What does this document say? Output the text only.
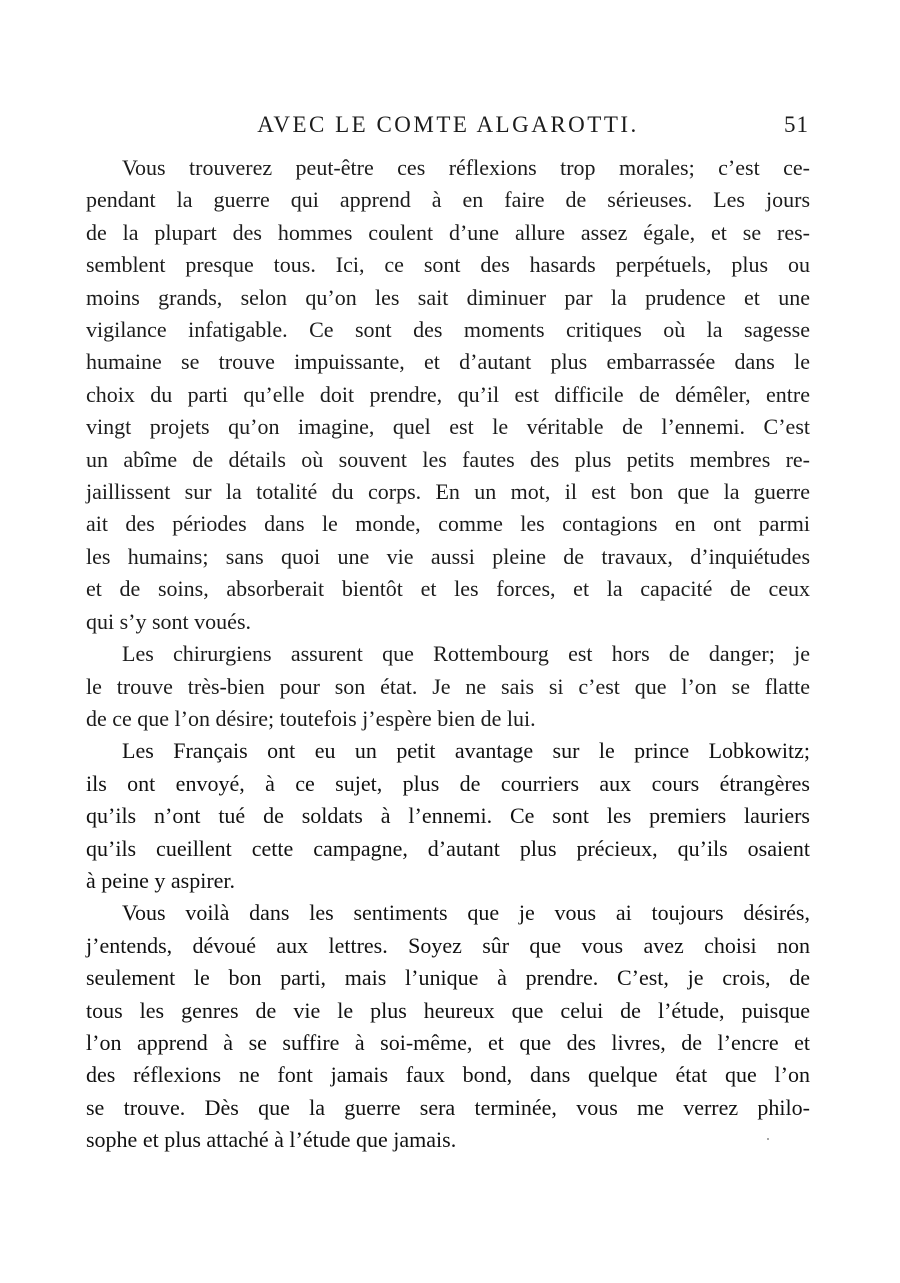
AVEC LE COMTE ALGAROTTI.	51

Vous trouverez peut-être ces réflexions trop morales; c’est ce-
pendant la guerre qui apprend à en faire de sérieuses. Les jours
de la plupart des hommes coulent d’une allure assez égale, et se res-
semblent presque tous. Ici, ce sont des hasards perpétuels, plus ou
moins grands, selon qu’on les sait diminuer par la prudence et une
vigilance infatigable. Ce sont des moments critiques où la sagesse
humaine se trouve impuissante, et d’autant plus embarrassée dans le
choix du parti qu’elle doit prendre, qu’il est difficile de démêler, entre
vingt projets qu’on imagine, quel est le véritable de l’ennemi. C’est
un abîme de détails où souvent les fautes des plus petits membres re-
jaillissent sur la totalité du corps. En un mot, il est bon que la guerre
ait des périodes dans le monde, comme les contagions en ont parmi
les humains; sans quoi une vie aussi pleine de travaux, d’inquiétudes
et de soins, absorberait bientôt et les forces, et la capacité de ceux
qui s’y sont voués.

Les chirurgiens assurent que Rottembourg est hors de danger; je
le trouve très-bien pour son état. Je ne sais si c’est que l’on se flatte
de ce que l’on désire; toutefois j’espère bien de lui.

Les Français ont eu un petit avantage sur le prince Lobkowitz;
ils ont envoyé, à ce sujet, plus de courriers aux cours étrangères
qu’ils n’ont tué de soldats à l’ennemi. Ce sont les premiers lauriers
qu’ils cueillent cette campagne, d’autant plus précieux, qu’ils osaient
à peine y aspirer.

Vous voilà dans les sentiments que je vous ai toujours désirés,
j’entends, dévoué aux lettres. Soyez sûr que vous avez choisi non
seulement le bon parti, mais l’unique à prendre. C’est, je crois, de
tous les genres de vie le plus heureux que celui de l’étude, puisque
l’on apprend à se suffire à soi-même, et que des livres, de l’encre et
des réflexions ne font jamais faux bond, dans quelque état que l’on
se trouve. Dès que la guerre sera terminée, vous me verrez philo-
sophe et plus attaché à l’étude que jamais.
